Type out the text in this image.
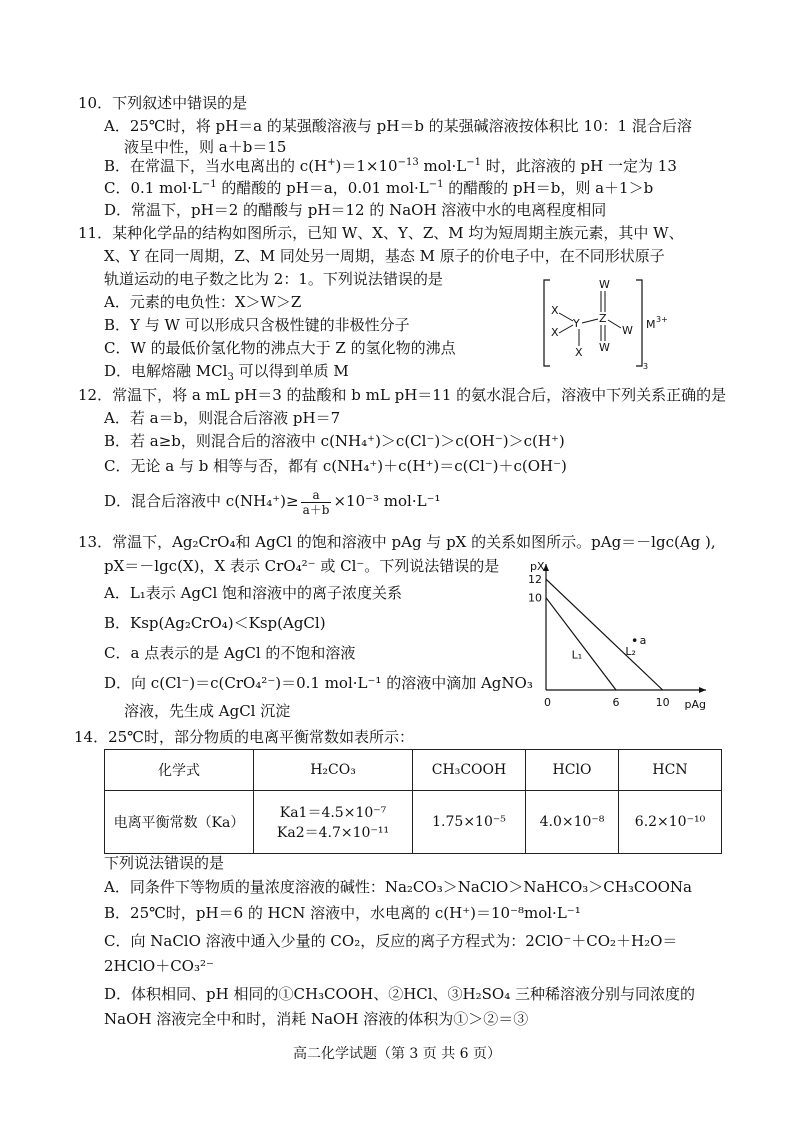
10．下列叙述中错误的是
A．25℃时，将 pH＝a 的某强酸溶液与 pH＝b 的某强碱溶液按体积比 10：1 混合后溶
液呈中性，则 a＋b＝15
B．在常温下，当水电离出的 $c(H^+)=1\times 10^{-13}$ $mol\cdot L^{-1}$ 时，此溶液的 pH 一定为 13
C．0.1 $mol\cdot L^{-1}$ 的醋酸的 pH＝a，0.01 $mol\cdot L^{-1}$ 的醋酸的 pH＝b，则 a＋1＞b
D．常温下，pH＝2 的醋酸与 pH＝12 的 NaOH 溶液中水的电离程度相同
11．某种化学品的结构如图所示，已知 W、X、Y、Z、M 均为短周期主族元素，其中 W、
X、Y 在同一周期，Z、M 同处另一周期，基态 M 原子的价电子中，在不同形状原子
轨道运动的电子数之比为 2：1。下列说法错误的是
A．元素的电负性：X＞W＞Z
B．Y 与 W 可以形成只含极性键的非极性分子
C．W 的最低价氢化物的沸点大于 Z 的氢化物的沸点
D．电解熔融 MCl$_3$ 可以得到单质 M
W
X
X
Y Z
X
W
W
M 3+
3
12．常温下，将 a mL pH＝3 的盐酸和 b mL pH＝11 的氨水混合后，溶液中下列关系正确的是
A．若 a＝b，则混合后溶液 pH＝7
B．若 a≥b，则混合后的溶液中 c(NH₄⁺)＞c(Cl⁻)＞c(OH⁻)＞c(H⁺)
C．无论 a 与 b 相等与否，都有 c(NH₄⁺)＋c(H⁺)＝c(Cl⁻)＋c(OH⁻)
D．混合后溶液中 $c(NH_4^+)\ge \frac{a}{a+b} \times 10^{-3}$ mol·L⁻¹
13．常温下，Ag₂CrO₄和 AgCl 的饱和溶液中 pAg 与 pX 的关系如图所示。pAg＝－lgc(Ag ),
pX＝－lgc(X)，X 表示 CrO₄²⁻ 或 Cl⁻。下列说法错误的是
A．L₁表示 AgCl 饱和溶液中的离子浓度关系
B．Ksp(Ag₂CrO₄)＜Ksp(AgCl)
C．a 点表示的是 AgCl 的不饱和溶液
D．向 c(Cl⁻)＝c(CrO₄²⁻)＝0.1 mol·L⁻¹ 的溶液中滴加 AgNO₃
溶液，先生成 AgCl 沉淀	pAg
pX
0	6	10
12
10
L₁	L₂
a
14．25℃时，部分物质的电离平衡常数如表所示：
化学式	H₂CO₃	CH₃COOH	HClO	HCN
电离平衡常数（Ka）	Ka1＝4.5×10⁻⁷
Ka2＝4.7×10⁻¹¹	1.75×10⁻⁵	4.0×10⁻⁸	6.2×10⁻¹⁰
下列说法错误的是
A．同条件下等物质的量浓度溶液的碱性：Na₂CO₃＞NaClO＞NaHCO₃＞CH₃COONa
B．25℃时，pH＝6 的 HCN 溶液中，水电离的 c(H⁺)＝10⁻⁸mol·L⁻¹
C．向 NaClO 溶液中通入少量的 CO₂，反应的离子方程式为：2ClO⁻＋CO₂＋H₂O＝
2HClO＋CO₃²⁻
D．体积相同、pH 相同的①CH₃COOH、②HCl、③H₂SO₄ 三种稀溶液分别与同浓度的
NaOH 溶液完全中和时，消耗 NaOH 溶液的体积为①＞②＝③
高二化学试题（第 3 页 共 6 页）
